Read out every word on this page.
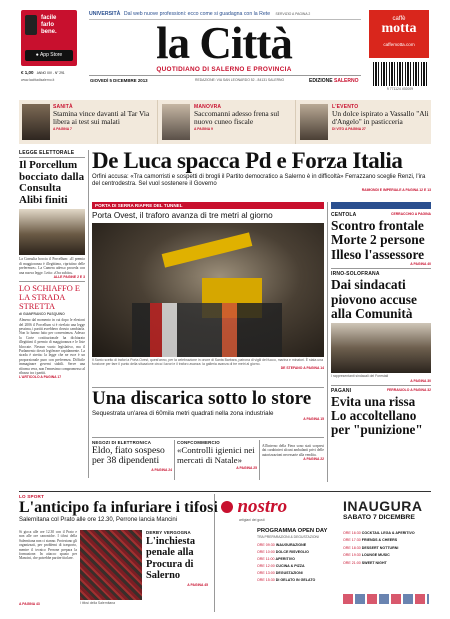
facile
farlo
bene.
● App Store
€ 1,00 ANNO XIV - N° 291
www.lacittadisalerno.it
UNIVERSITÀ Dal web nuove professioni: ecco come si guadagna con la Rete SERVIZIO A PAGINA 2
la Città
QUOTIDIANO DI SALERNO E PROVINCIA
GIOVEDÌ 5 DICEMBRE 2013	REDAZIONE: VIA SAN LEONARDO 52 - 84131 SALERNO	EDIZIONE SALERNO
caffè
motta
caffemotta.com
9 771124 492009
SANITÀ
Stamina vince davanti al Tar Via libera ai test sui malati
A PAGINA 7
MANOVRA
Saccomanni adesso frena sul nuovo cuneo fiscale
A PAGINA 9
L'EVENTO
Un dolce ispirato a Vassallo "Ali d'Angelo" in pasticceria
DI VITO A PAGINA 27
LEGGE ELETTORALE
Il Porcellum bocciato dalla Consulta Alibi finiti
La Consulta boccia il Porcellum: «Il premio di maggioranza è illegittimo, ripristino delle preferenze». La Camera adesso proceda con una nuova legge. Letta: «Ora subito».
ALLE PAGINE 2 E 3
LO SCHIAFFO E LA STRADA STRETTA
di GIANFRANCO PASQUINO
Almeno dal momento in cui dopo le elezioni del 2006 il Porcellum si è rivelato una legge pessima, i partiti avrebbero dovuto cambiarla. Non lo hanno fatto per convenienza. Adesso la Corte costituzionale ha dichiarato illegittimi il premio di maggioranza e le liste bloccate. Nessun vuoto legislativo, ma il Parlamento dovrà legiferare rapidamente. La strada è stretta: la legge che ne esce è un proporzionale puro con preferenza. Difficile immaginare governi stabili. Serve una riforma vera, non l'ennesimo compromesso al ribasso tra i partiti.
L'ARTICOLO A PAGINA 17
De Luca spacca Pd e Forza Italia
Orfini accusa: «Tra camorristi e sospetti di brogli il Partito democratico a Salerno è in difficoltà» Ferrazzano sceglie Renzi, l'ira del centrodestra. Sel vuol sostenere il Governo
RAIMONDI E IMPERIALE A PAGINA 12 E 13
PORTA DI SERRA RIAPRE DEL TUNNEL
Porta Ovest, il traforo avanza di tre metri al giorno
Il Santo scelto di trafori a Porta Ovest, quest'anno, per la celebrazione in onore di Santa Barbara, patrona di vigili del fuoco, marina e minatori. È stata una funzione per fare il punto della situazione circa i lavori e il traforo avanza: la galleria avanza di tre metri al giorno.
DE STEFANO A PAGINA 14
Una discarica sotto lo store
Sequestrata un'area di 60mila metri quadrati nella zona industriale
A PAGINA 15
NEGOZI DI ELETTRONICA
Eldo, fiato sospeso per 38 dipendenti
A PAGINA 24
CONFCOMMERCIO
«Controlli igienici nei mercati di Natale»
A PAGINA 25
All'interno della Fiera sono stati sorpresi dai carabinieri alcuni ambulanti privi delle autorizzazioni necessarie alla vendita.
A PAGINA 22
CENTOLA	CERRACCHIO A PAGINA
Scontro frontale Morte 2 persone Illeso l'assessore
A PAGINA 40
IRNO-SOLOFRANA
Dai sindacati piovono accuse alla Comunità
I rappresentanti sindacali del Forestali
A PAGINA 30
PAGANI	FERRAIUOLO A PAGINA 32
Evita una rissa Lo accoltellano per "punizione"
LO SPORT
L'anticipo fa infuriare i tifosi
Salernitana col Prato alle ore 12.30, Perrone lancia Mancini
Si gioca alle ore 12.30 con il Prato e non alle ore canoniche. I tifosi della Salernitana non ci stanno. Protestano gli organizzati, per problemi di trasporto, mentre il tecnico Perrone prepara la formazione. In attacco spazio per Mancini, che potrebbe partire titolare.
I tifosi della Salernitana
A PAGINA 43
DERBY VERGOGNA
L'inchiesta penale alla Procura di Salerno
A PAGINA 45
nostro
artigiani dei gusti
INAUGURA
SABATO 7 DICEMBRE
PROGRAMMA OPEN DAY
TRA PREPARAZIONI & DEGUSTAZIONI
ORE 09:30 INAUGURAZIONE
ORE 10:00 DOLCE RISVEGLIO
ORE 11:00 APERITIVO
ORE 12:00 CUCINA & PIZZA
ORE 13:00 DEGUSTAZIONI
ORE 15:30 DI GELATO IN GELATO
ORE 16:30 COCKTAIL LEGA & APERITIVO
ORE 17:30 FRIENDS & CHEERS
ORE 18:30 DESSERT NOTTURNI
ORE 19:30 LOUNGE MUSIC
ORE 21:00 SWEET NIGHT
